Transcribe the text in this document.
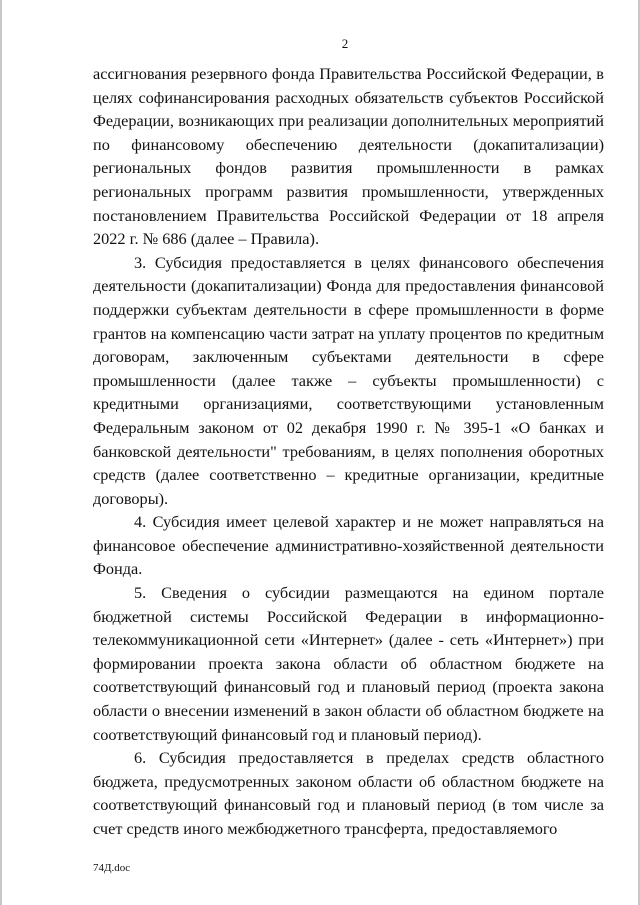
2

ассигнования резервного фонда Правительства Российской Федерации, в целях софинансирования расходных обязательств субъектов Российской Федерации, возникающих при реализации дополнительных мероприятий по финансовому обеспечению деятельности (докапитализации) региональных фондов развития промышленности в рамках региональных программ развития промышленности, утвержденных постановлением Правительства Российской Федерации от 18 апреля 2022 г. № 686 (далее – Правила).

3. Субсидия предоставляется в целях финансового обеспечения деятельности (докапитализации) Фонда для предоставления финансовой поддержки субъектам деятельности в сфере промышленности в форме грантов на компенсацию части затрат на уплату процентов по кредитным договорам, заключенным субъектами деятельности в сфере промышленности (далее также – субъекты промышленности) с кредитными организациями, соответствующими установленным Федеральным законом от 02 декабря 1990 г. № 395-1 «О банках и банковской деятельности" требованиям, в целях пополнения оборотных средств (далее соответственно – кредитные организации, кредитные договоры).

4. Субсидия имеет целевой характер и не может направляться на финансовое обеспечение административно-хозяйственной деятельности Фонда.

5. Сведения о субсидии размещаются на едином портале бюджетной системы Российской Федерации в информационно-телекоммуникационной сети «Интернет» (далее - сеть «Интернет») при формировании проекта закона области об областном бюджете на соответствующий финансовый год и плановый период (проекта закона области о внесении изменений в закон области об областном бюджете на соответствующий финансовый год и плановый период).

6. Субсидия предоставляется в пределах средств областного бюджета, предусмотренных законом области об областном бюджете на соответствующий финансовый год и плановый период (в том числе за счет средств иного межбюджетного трансферта, предоставляемого

74Д.doc
